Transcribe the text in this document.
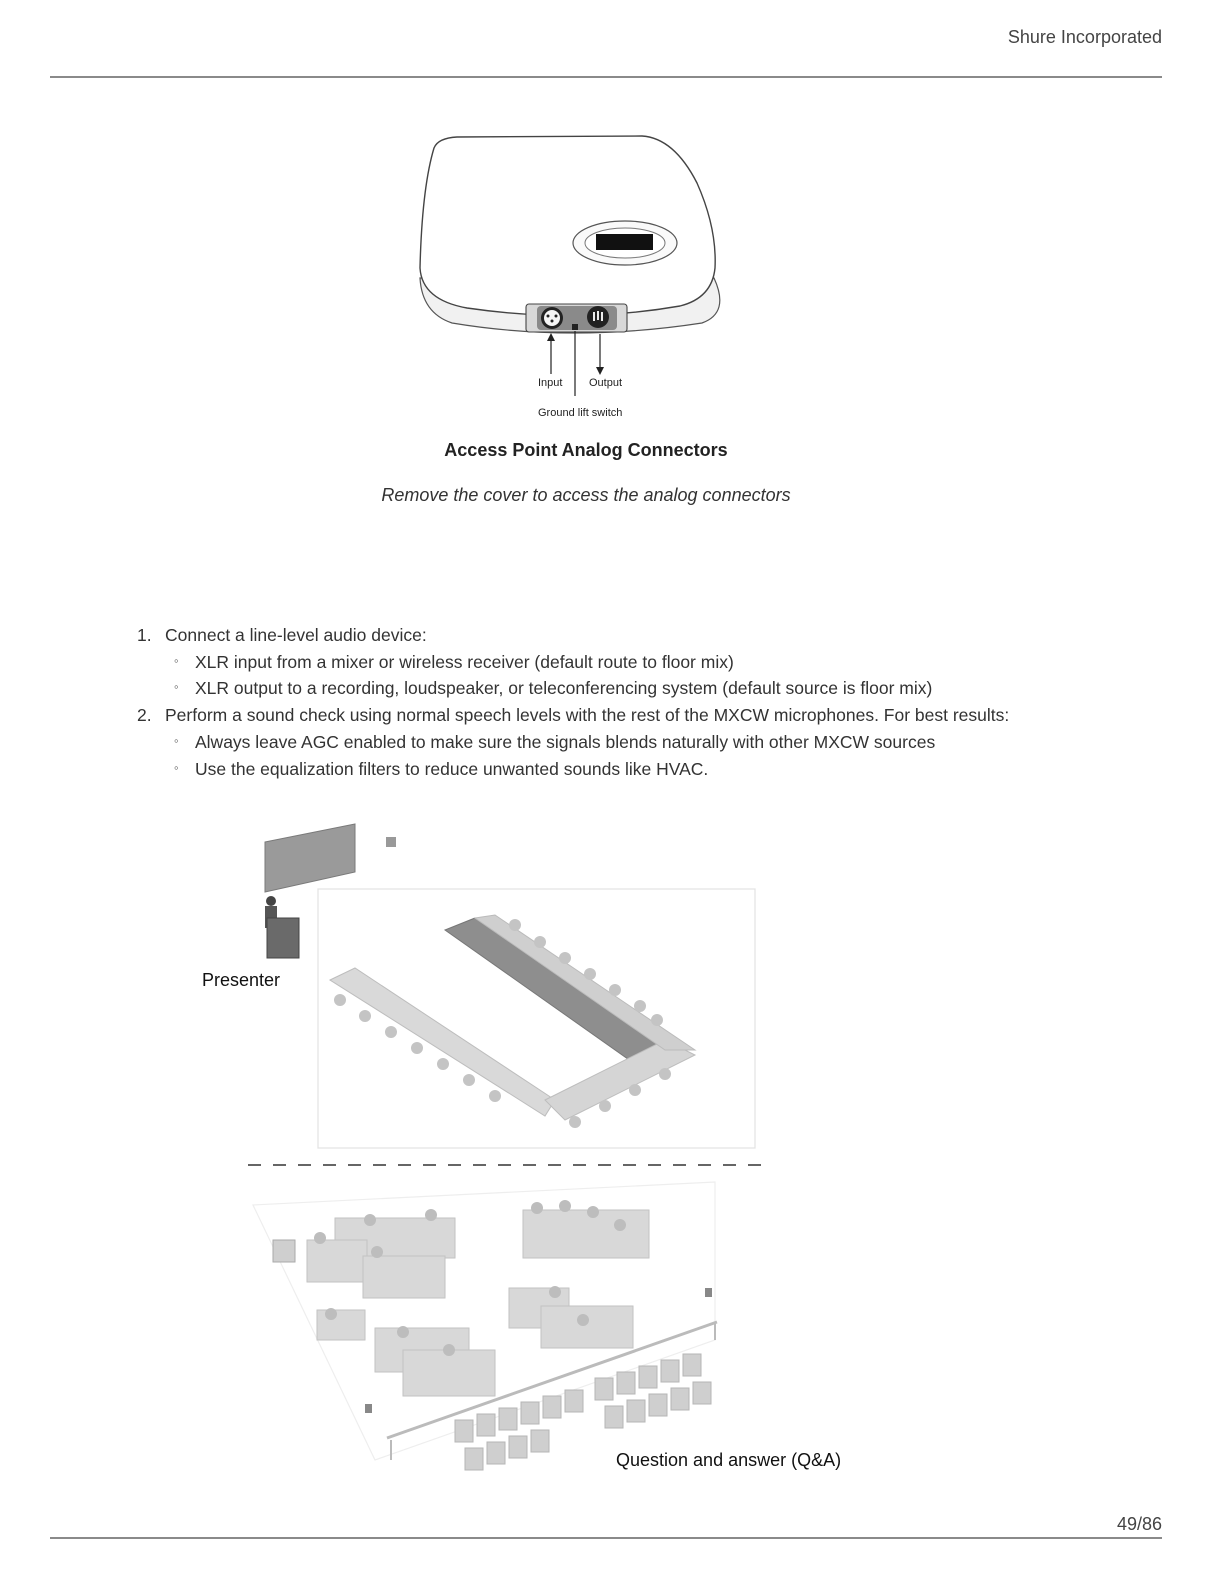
Shure Incorporated
Input Output
Ground lift switch
Access Point Analog Connectors
Remove the cover to access the analog connectors
1. Connect a line-level audio device:
◦ XLR input from a mixer or wireless receiver (default route to floor mix)
◦ XLR output to a recording, loudspeaker, or teleconferencing system (default source is floor mix)
2. Perform a sound check using normal speech levels with the rest of the MXCW microphones. For best results:
◦ Always leave AGC enabled to make sure the signals blends naturally with other MXCW sources
◦ Use the equalization filters to reduce unwanted sounds like HVAC.
Presenter
Question and answer (Q&A)
49/86
